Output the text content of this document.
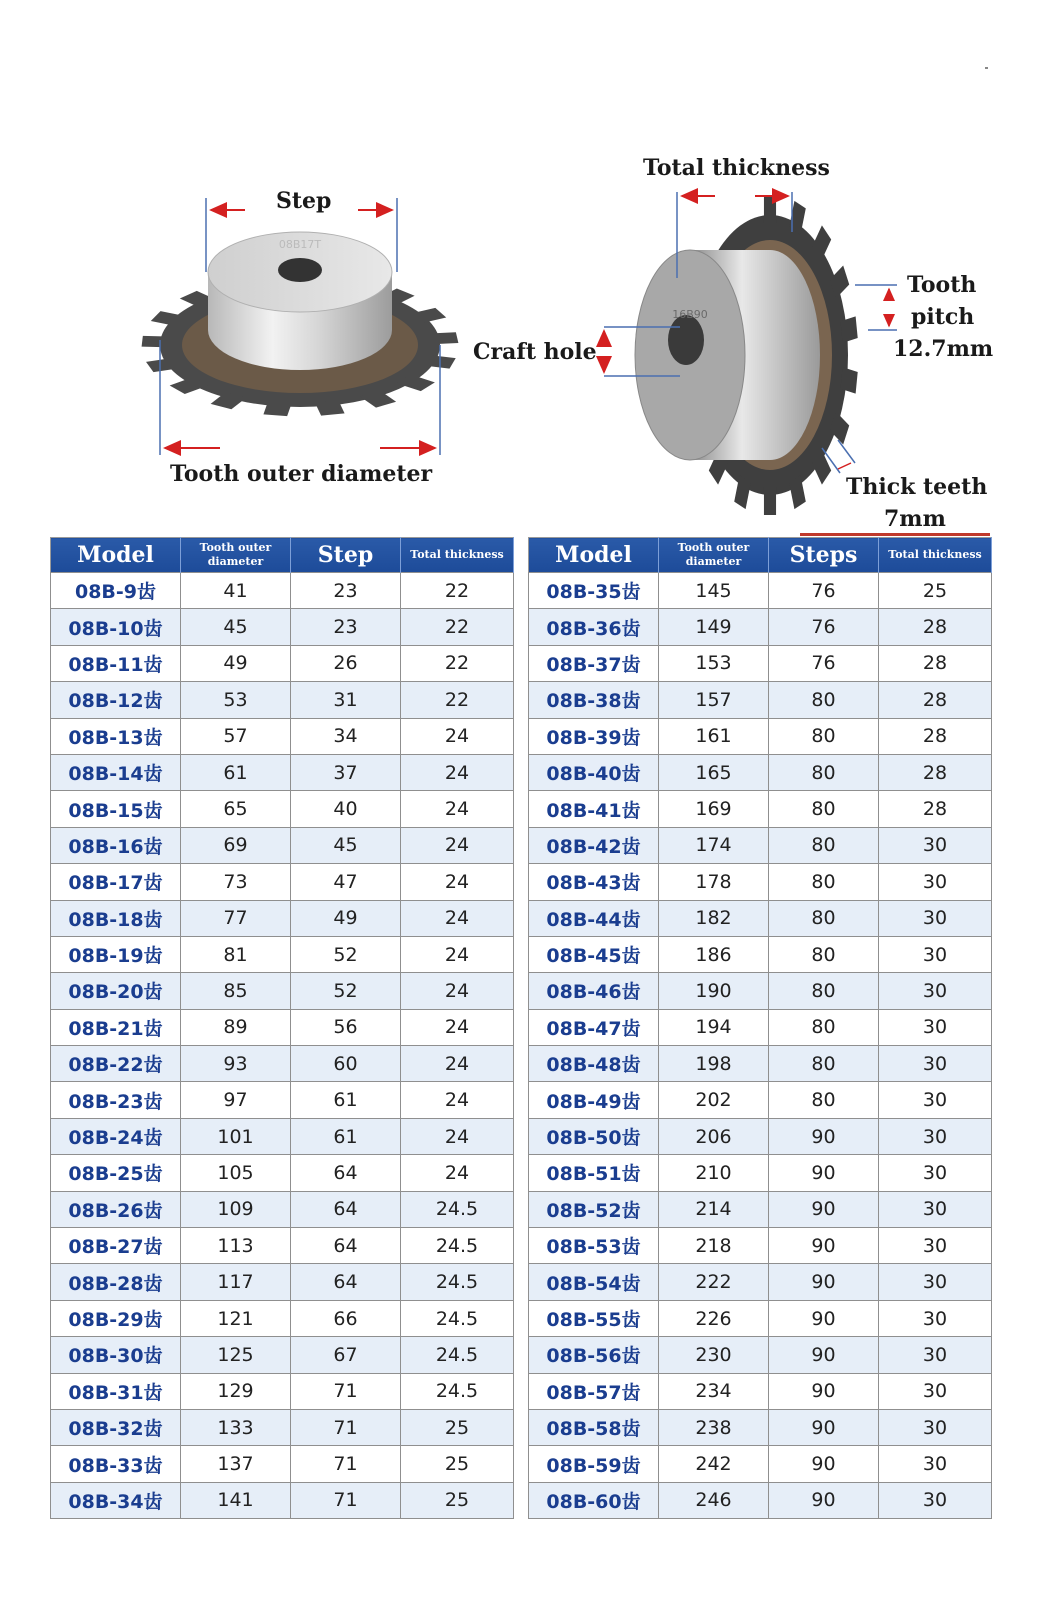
08B17T
16B90
Step
Tooth outer diameter
Total thickness
Craft hole
Tooth
pitch
12.7mm
Thick teeth
7mm
Model	Tooth outer diameter	Step	Total thickness
08B-9齿	41	23	22
08B-10齿	45	23	22
08B-11齿	49	26	22
08B-12齿	53	31	22
08B-13齿	57	34	24
08B-14齿	61	37	24
08B-15齿	65	40	24
08B-16齿	69	45	24
08B-17齿	73	47	24
08B-18齿	77	49	24
08B-19齿	81	52	24
08B-20齿	85	52	24
08B-21齿	89	56	24
08B-22齿	93	60	24
08B-23齿	97	61	24
08B-24齿	101	61	24
08B-25齿	105	64	24
08B-26齿	109	64	24.5
08B-27齿	113	64	24.5
08B-28齿	117	64	24.5
08B-29齿	121	66	24.5
08B-30齿	125	67	24.5
08B-31齿	129	71	24.5
08B-32齿	133	71	25
08B-33齿	137	71	25
08B-34齿	141	71	25
Model	Tooth outer diameter	Steps	Total thickness
08B-35齿	145	76	25
08B-36齿	149	76	28
08B-37齿	153	76	28
08B-38齿	157	80	28
08B-39齿	161	80	28
08B-40齿	165	80	28
08B-41齿	169	80	28
08B-42齿	174	80	30
08B-43齿	178	80	30
08B-44齿	182	80	30
08B-45齿	186	80	30
08B-46齿	190	80	30
08B-47齿	194	80	30
08B-48齿	198	80	30
08B-49齿	202	80	30
08B-50齿	206	90	30
08B-51齿	210	90	30
08B-52齿	214	90	30
08B-53齿	218	90	30
08B-54齿	222	90	30
08B-55齿	226	90	30
08B-56齿	230	90	30
08B-57齿	234	90	30
08B-58齿	238	90	30
08B-59齿	242	90	30
08B-60齿	246	90	30
